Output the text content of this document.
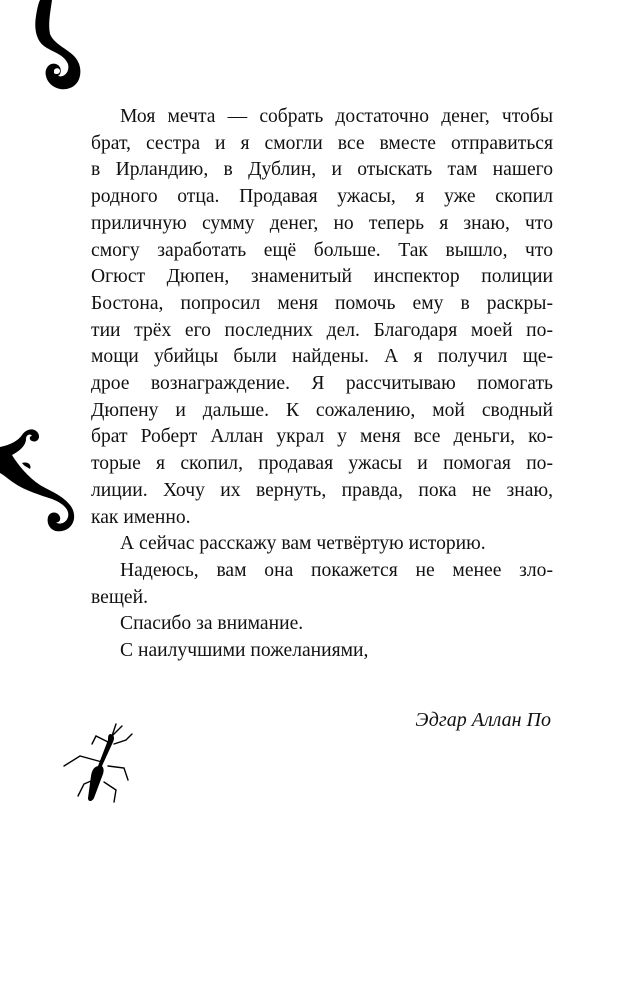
Моя мечта — собрать достаточно денег, чтобы
брат, сестра и я смогли все вместе отправиться
в Ирландию, в Дублин, и отыскать там нашего
родного отца. Продавая ужасы, я уже скопил
приличную сумму денег, но теперь я знаю, что
смогу заработать ещё больше. Так вышло, что
Огюст Дюпен, знаменитый инспектор полиции
Бостона, попросил меня помочь ему в раскры-
тии трёх его последних дел. Благодаря моей по-
мощи убийцы были найдены. А я получил ще-
дрое вознаграждение. Я рассчитываю помогать
Дюпену и дальше. К сожалению, мой сводный
брат Роберт Аллан украл у меня все деньги, ко-
торые я скопил, продавая ужасы и помогая по-
лиции. Хочу их вернуть, правда, пока не знаю,
как именно.
А сейчас расскажу вам четвёртую историю.
Надеюсь, вам она покажется не менее зло-
вещей.
Спасибо за внимание.
С наилучшими пожеланиями,
Эдгар Аллан По
